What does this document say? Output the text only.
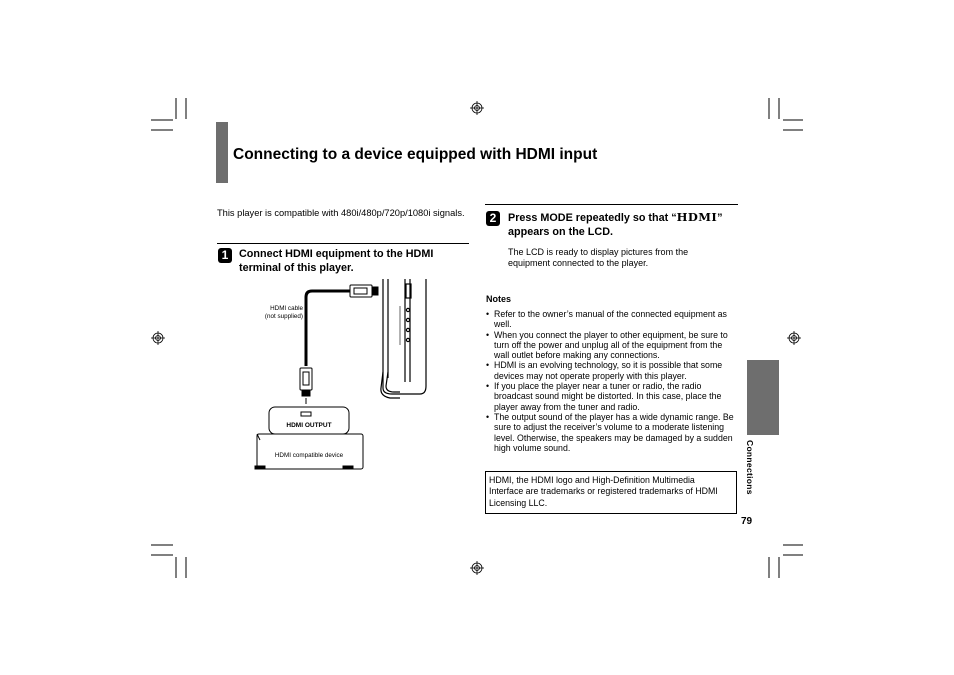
Connecting to a device equipped with HDMI input
This player is compatible with 480i/480p/720p/1080i signals.
1 Connect HDMI equipment to the HDMI terminal of this player.
HDMI cable
(not supplied)
HDMI OUTPUT
HDMI compatible device
2	Press MODE repeatedly so that “HDMI” appears on the LCD.
The LCD is ready to display pictures from the equipment connected to the player.
Notes
• Refer to the owner’s manual of the connected equipment as well.
• When you connect the player to other equipment, be sure to turn off the power and unplug all of the equipment from the wall outlet before making any connections.
• HDMI is an evolving technology, so it is possible that some devices may not operate properly with this player.
• If you place the player near a tuner or radio, the radio broadcast sound might be distorted. In this case, place the player away from the tuner and radio.
• The output sound of the player has a wide dynamic range. Be sure to adjust the receiver’s volume to a moderate listening level. Otherwise, the speakers may be damaged by a sudden high volume sound.
HDMI, the HDMI logo and High-Definition Multimedia Interface are trademarks or registered trademarks of HDMI Licensing LLC.
Connections
79
